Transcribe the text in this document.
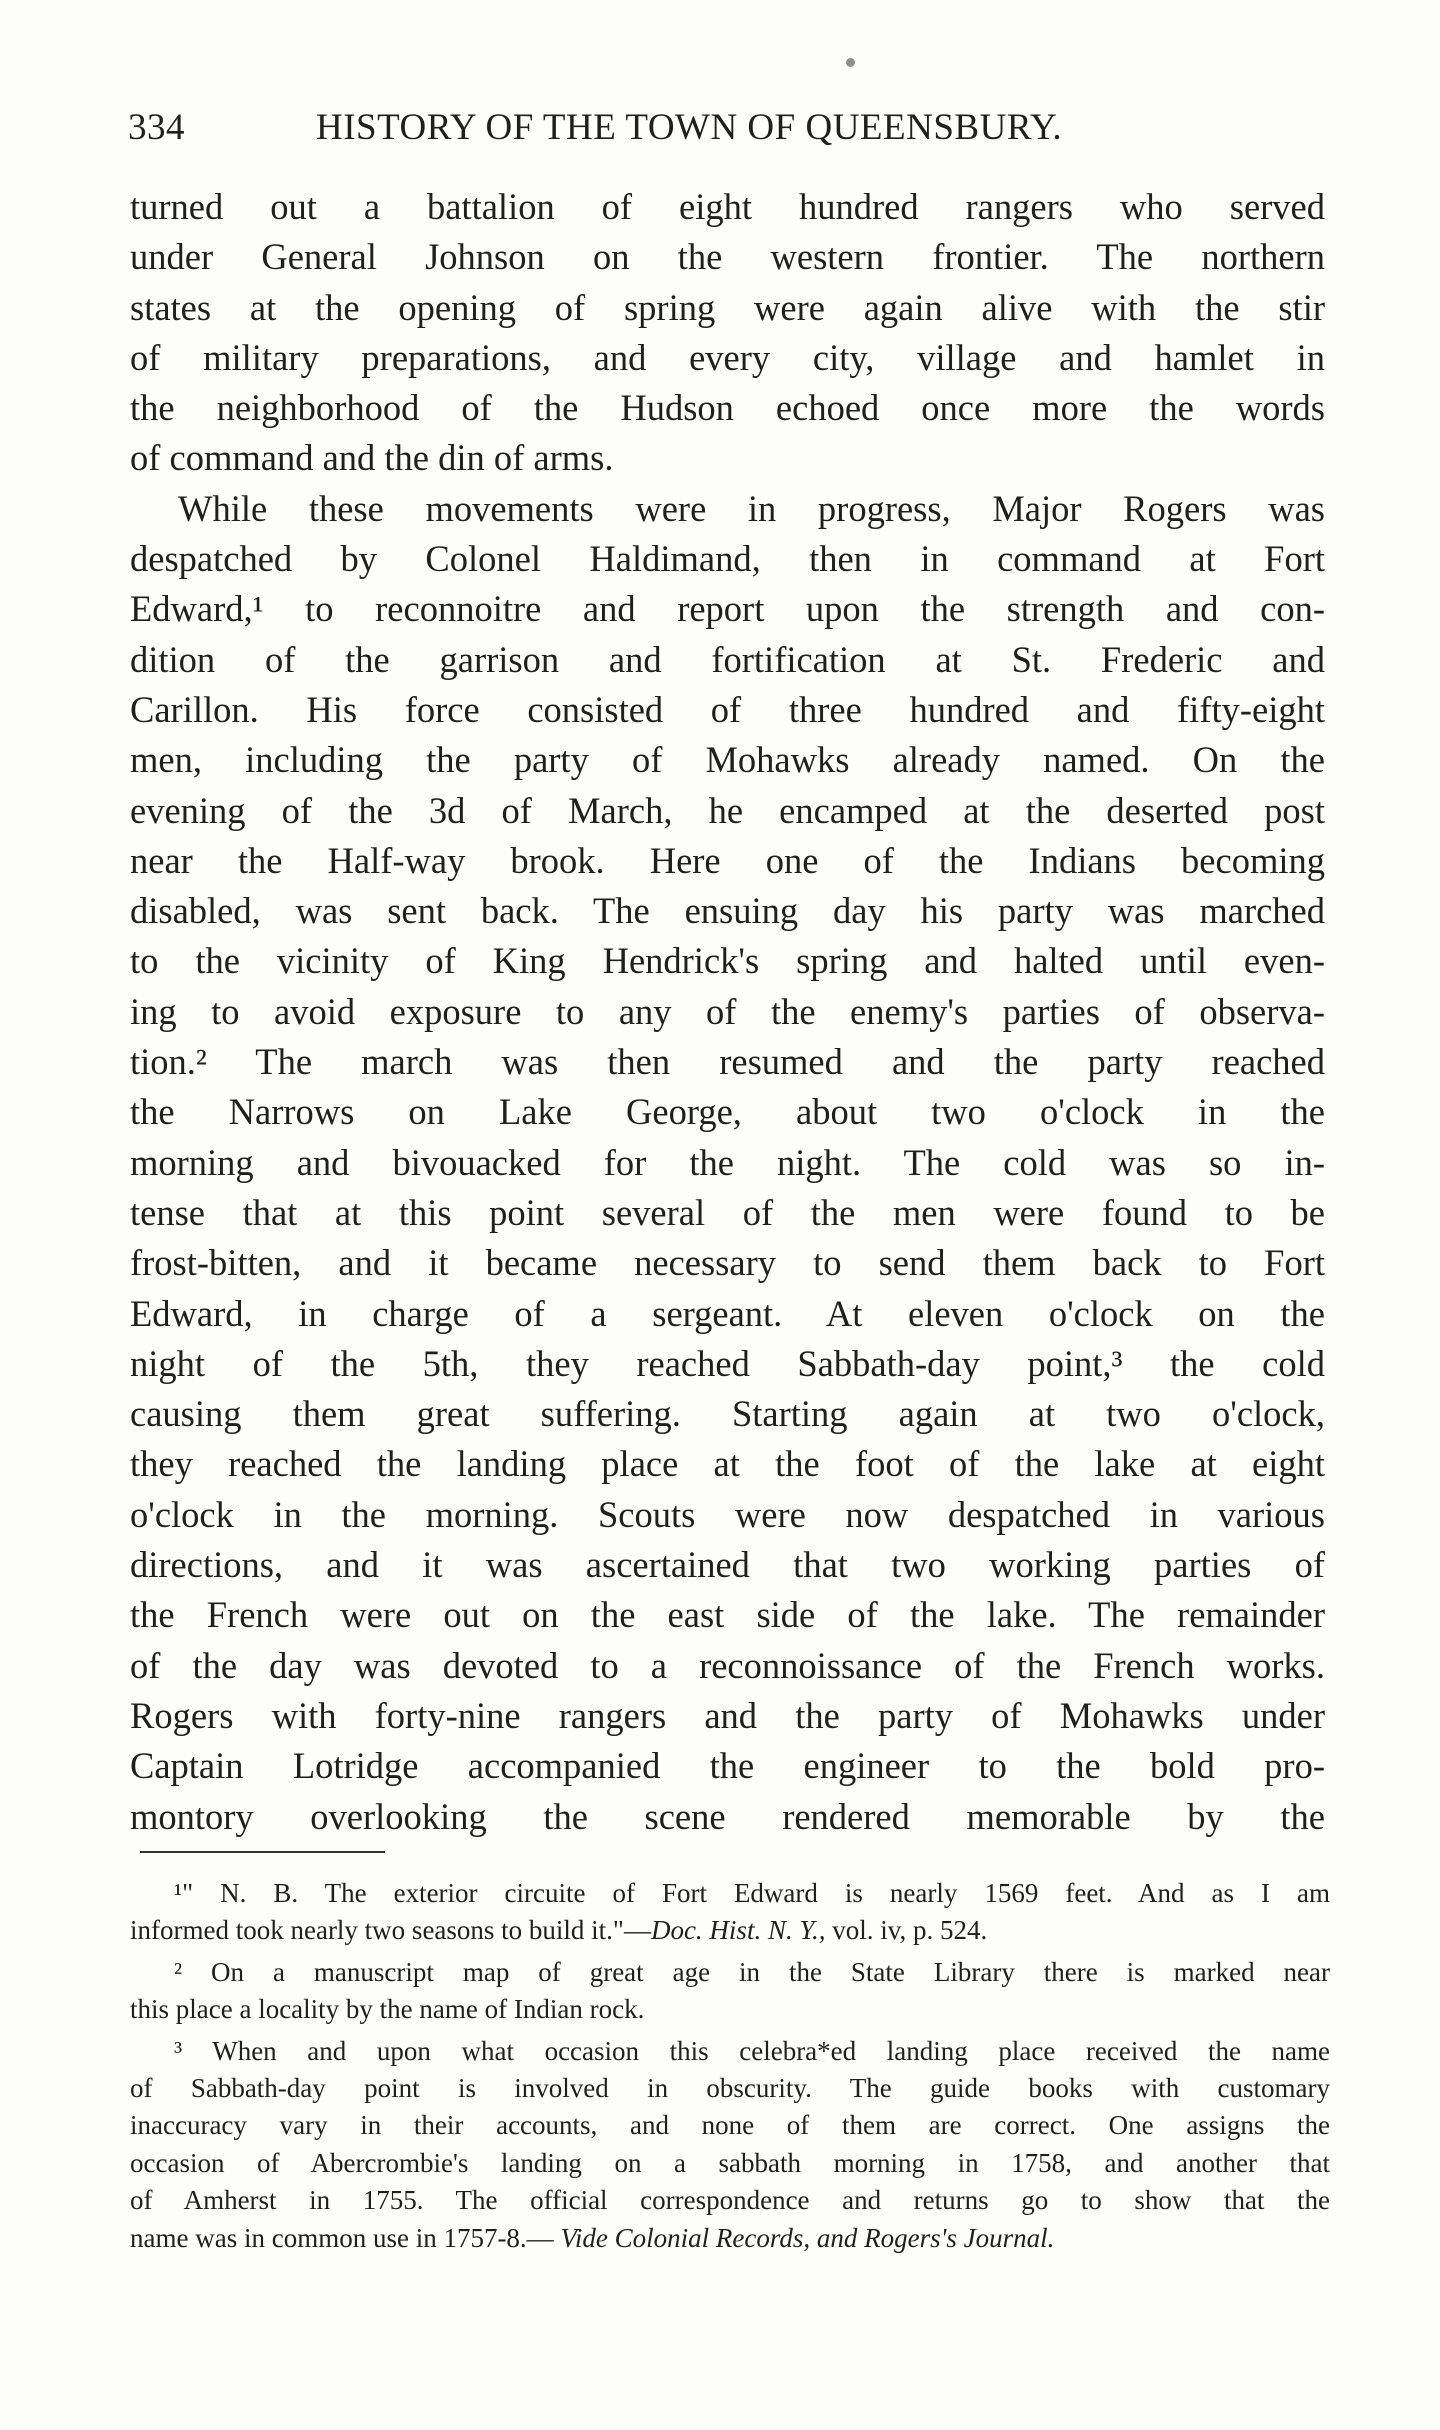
334	HISTORY OF THE TOWN OF QUEENSBURY.
turned out a battalion of eight hundred rangers who served
under General Johnson on the western frontier. The northern
states at the opening of spring were again alive with the stir
of military preparations, and every city, village and hamlet in
the neighborhood of the Hudson echoed once more the words
of command and the din of arms.
While these movements were in progress, Major Rogers was
despatched by Colonel Haldimand, then in command at Fort
Edward,¹ to reconnoitre and report upon the strength and con-
dition of the garrison and fortification at St. Frederic and
Carillon. His force consisted of three hundred and fifty-eight
men, including the party of Mohawks already named. On the
evening of the 3d of March, he encamped at the deserted post
near the Half-way brook. Here one of the Indians becoming
disabled, was sent back. The ensuing day his party was marched
to the vicinity of King Hendrick's spring and halted until even-
ing to avoid exposure to any of the enemy's parties of observa-
tion.² The march was then resumed and the party reached
the Narrows on Lake George, about two o'clock in the
morning and bivouacked for the night. The cold was so in-
tense that at this point several of the men were found to be
frost-bitten, and it became necessary to send them back to Fort
Edward, in charge of a sergeant. At eleven o'clock on the
night of the 5th, they reached Sabbath-day point,³ the cold
causing them great suffering. Starting again at two o'clock,
they reached the landing place at the foot of the lake at eight
o'clock in the morning. Scouts were now despatched in various
directions, and it was ascertained that two working parties of
the French were out on the east side of the lake. The remainder
of the day was devoted to a reconnoissance of the French works.
Rogers with forty-nine rangers and the party of Mohawks under
Captain Lotridge accompanied the engineer to the bold pro-
montory overlooking the scene rendered memorable by the
¹" N. B. The exterior circuite of Fort Edward is nearly 1569 feet. And as I am
informed took nearly two seasons to build it."—Doc. Hist. N. Y., vol. iv, p. 524.
² On a manuscript map of great age in the State Library there is marked near
this place a locality by the name of Indian rock.
³ When and upon what occasion this celebra*ed landing place received the name
of Sabbath-day point is involved in obscurity. The guide books with customary
inaccuracy vary in their accounts, and none of them are correct. One assigns the
occasion of Abercrombie's landing on a sabbath morning in 1758, and another that
of Amherst in 1755. The official correspondence and returns go to show that the
name was in common use in 1757-8.— Vide Colonial Records, and Rogers's Journal.
